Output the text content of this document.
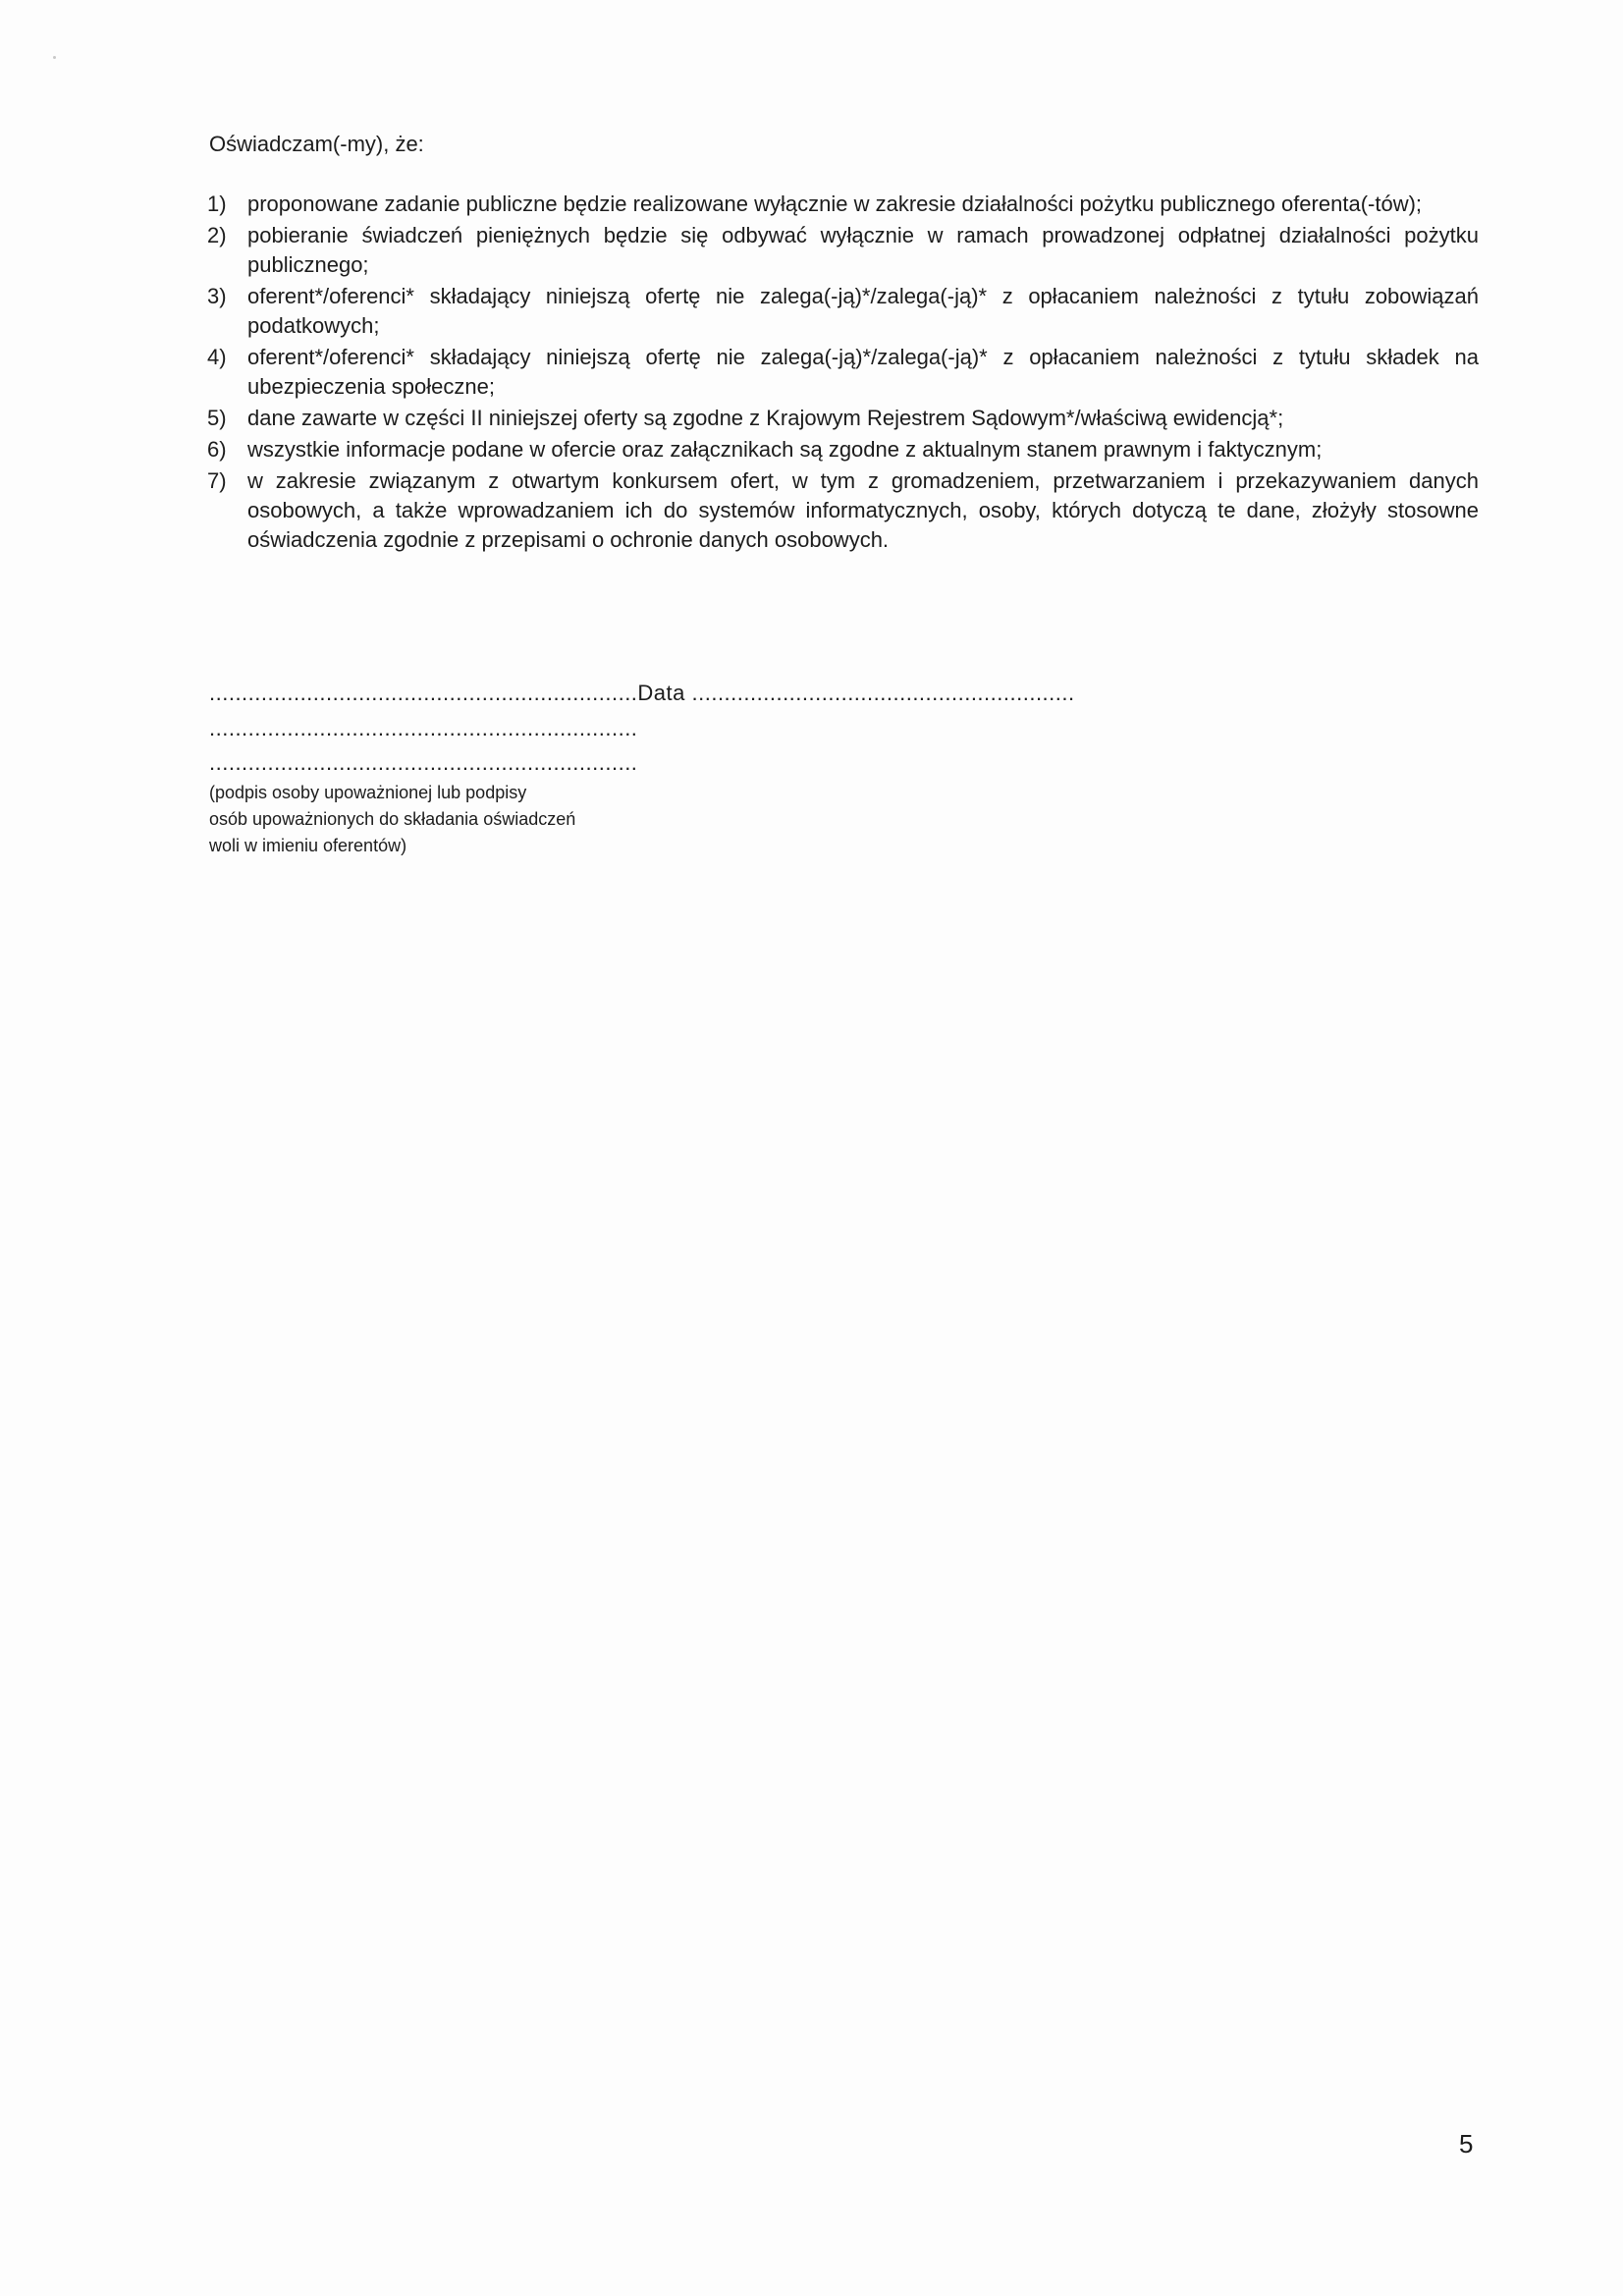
Oświadczam(-my), że:
1) proponowane zadanie publiczne będzie realizowane wyłącznie w zakresie działalności pożytku publicznego oferenta(-tów);
2) pobieranie świadczeń pieniężnych będzie się odbywać wyłącznie w ramach prowadzonej odpłatnej działalności pożytku publicznego;
3) oferent*/oferenci* składający niniejszą ofertę nie zalega(-ją)*/zalega(-ją)* z opłacaniem należności z tytułu zobowiązań podatkowych;
4) oferent*/oferenci* składający niniejszą ofertę nie zalega(-ją)*/zalega(-ją)* z opłacaniem należności z tytułu składek na ubezpieczenia społeczne;
5) dane zawarte w części II niniejszej oferty są zgodne z Krajowym Rejestrem Sądowym*/właściwą ewidencją*;
6) wszystkie informacje podane w ofercie oraz załącznikach są zgodne z aktualnym stanem prawnym i faktycznym;
7) w zakresie związanym z otwartym konkursem ofert, w tym z gromadzeniem, przetwarzaniem i przekazywaniem danych osobowych, a także wprowadzaniem ich do systemów informatycznych, osoby, których dotyczą te dane, złożyły stosowne oświadczenia zgodnie z przepisami o ochronie danych osobowych.
..................................................................Data ...........................................................
..................................................................
..................................................................
(podpis osoby upoważnionej lub podpisy
osób upoważnionych do składania oświadczeń
woli w imieniu oferentów)
5
